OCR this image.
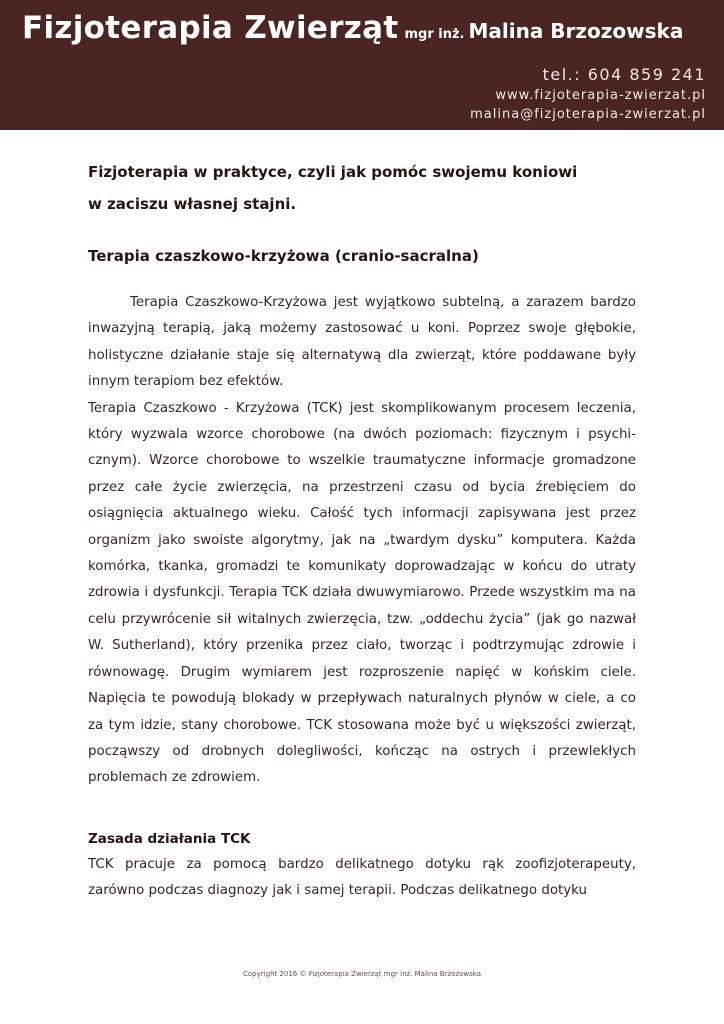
Fizjoterapia Zwierząt mgr inż. Malina Brzozowska
tel.: 604 859 241
www.fizjoterapia-zwierzat.pl
malina@fizjoterapia-zwierzat.pl
Fizjoterapia w praktyce, czyli jak pomóc swojemu koniowi
w zaciszu własnej stajni.
Terapia czaszkowo-krzyżowa (cranio-sacralna)

Terapia Czaszkowo-Krzyżowa jest wyjątkowo subtelną, a zarazem bardzo inwazyjną terapią, jaką możemy zastosować u koni. Poprzez swoje głębokie, holistyczne działanie staje się alternatywą dla zwierząt, które poddawane były innym terapiom bez efektów.

Terapia Czaszkowo - Krzyżowa (TCK) jest skomplikowanym procesem leczenia, który wyzwala wzorce chorobowe (na dwóch poziomach: fizycznym i psychicznym). Wzorce chorobowe to wszelkie traumatyczne informacje gromadzone przez całe życie zwierzęcia, na przestrzeni czasu od bycia źrebięciem do osiągnięcia aktualnego wieku. Całość tych informacji zapisywana jest przez organizm jako swoiste algorytmy, jak na „twardym dysku” komputera. Każda komórka, tkanka, gromadzi te komunikaty doprowadzając w końcu do utraty zdrowia i dysfunkcji. Terapia TCK działa dwuwymiarowo. Przede wszystkim ma na celu przywrócenie sił witalnych zwierzęcia, tzw. „oddechu życia” (jak go nazwał W. Sutherland), który przenika przez ciało, tworząc i podtrzymując zdrowie i równowagę. Drugim wymiarem jest rozproszenie napięć w końskim ciele. Napięcia te powodują blokady w przepływach naturalnych płynów w ciele, a co za tym idzie, stany chorobowe. TCK stosowana może być u większości zwierząt, począwszy od drobnych dolegliwości, kończąc na ostrych i przewlekłych problemach ze zdrowiem.

Zasada działania TCK

TCK pracuje za pomocą bardzo delikatnego dotyku rąk zoofizjoterapeuty, zarówno podczas diagnozy jak i samej terapii. Podczas delikatnego dotyku

Copyright 2016 © Fizjoterapia Zwierząt mgr inż. Malina Brzozowska
